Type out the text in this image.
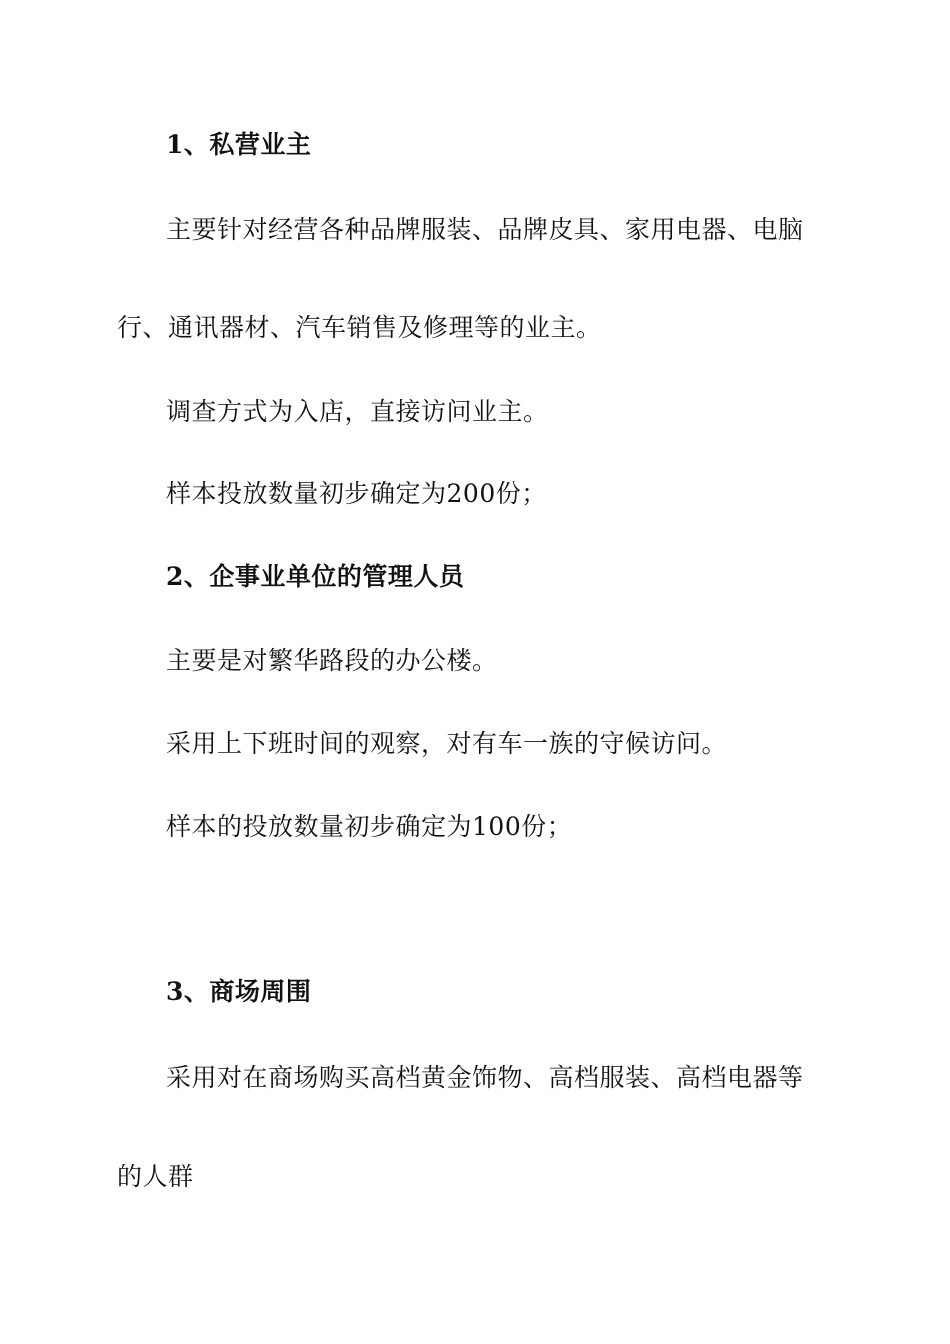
1、私营业主
主要针对经营各种品牌服装、品牌皮具、家用电器、电脑
行、通讯器材、汽车销售及修理等的业主。
调查方式为入店，直接访问业主。
样本投放数量初步确定为200份；
2、企事业单位的管理人员
主要是对繁华路段的办公楼。
采用上下班时间的观察，对有车一族的守候访问。
样本的投放数量初步确定为100份；
3、商场周围
采用对在商场购买高档黄金饰物、高档服装、高档电器等
的人群
